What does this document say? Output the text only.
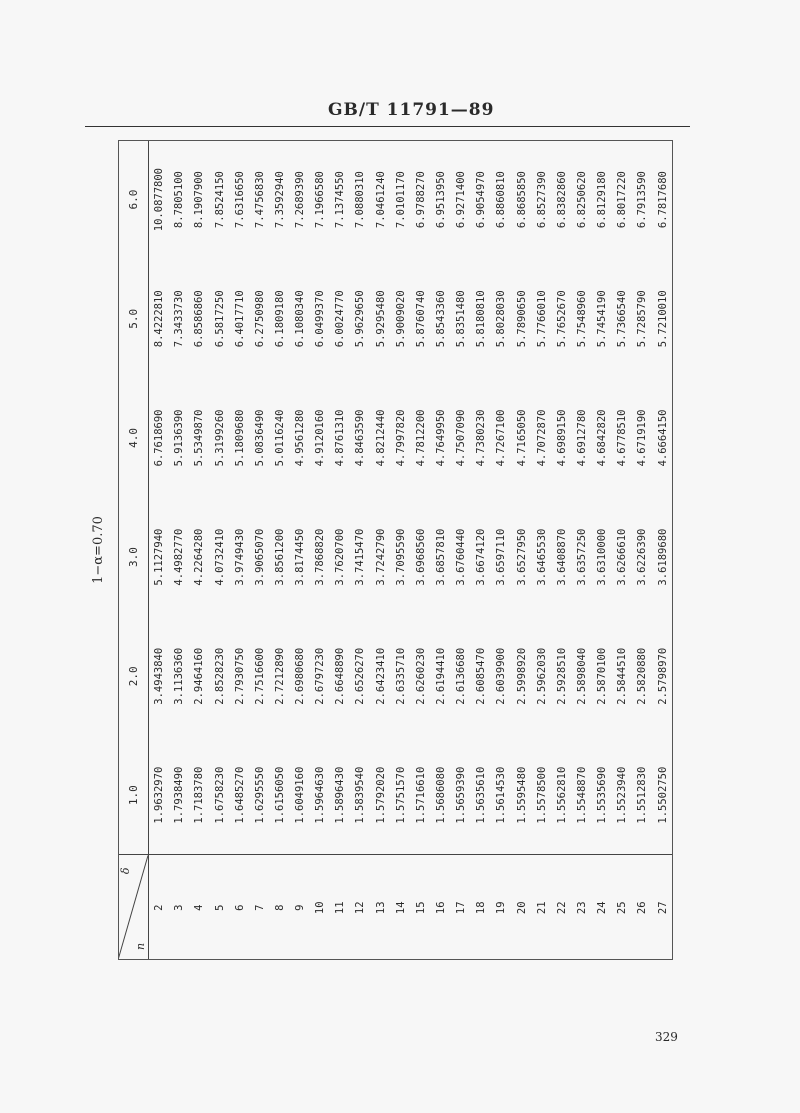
GB/T 11791—89
1−α=0.70
δ
n	1.0	2.0	3.0	4.0	5.0	6.0
2	1.9632970	3.4943840	5.1127940	6.7618690	8.4222810	10.0877800
3	1.7938490	3.1136360	4.4982770	5.9136390	7.3433730	8.7805100
4	1.7183780	2.9464160	4.2264280	5.5349870	6.8586860	8.1907900
5	1.6758230	2.8528230	4.0732410	5.3199260	6.5817250	7.8524150
6	1.6485270	2.7930750	3.9749430	5.1809680	6.4017710	7.6316650
7	1.6295550	2.7516600	3.9065070	5.0836490	6.2750980	7.4756830
8	1.6156050	2.7212890	3.8561200	5.0116240	6.1809180	7.3592940
9	1.6049160	2.6980680	3.8174450	4.9561280	6.1080340	7.2689390
10	1.5964630	2.6797230	3.7868820	4.9120160	6.0499370	7.1966580
11	1.5896430	2.6648890	3.7620700	4.8761310	6.0024770	7.1374550
12	1.5839540	2.6526270	3.7415470	4.8463590	5.9629650	7.0880310
13	1.5792020	2.6423410	3.7242790	4.8212440	5.9295480	7.0461240
14	1.5751570	2.6335710	3.7095590	4.7997820	5.9009020	7.0101170
15	1.5716610	2.6260230	3.6968560	4.7812200	5.8760740	6.9788270
16	1.5686080	2.6194410	3.6857810	4.7649950	5.8543360	6.9513950
17	1.5659390	2.6136680	3.6760440	4.7507090	5.8351480	6.9271400
18	1.5635610	2.6085470	3.6674120	4.7380230	5.8180810	6.9054970
19	1.5614530	2.6039900	3.6597110	4.7267100	5.8028030	6.8860810
20	1.5595480	2.5998920	3.6527950	4.7165050	5.7890650	6.8685850
21	1.5578500	2.5962030	3.6465530	4.7072870	5.7766010	6.8527390
22	1.5562810	2.5928510	3.6408870	4.6989150	5.7652670	6.8382860
23	1.5548870	2.5898040	3.6357250	4.6912780	5.7548960	6.8250620
24	1.5535690	2.5870100	3.6310000	4.6842820	5.7454190	6.8129180
25	1.5523940	2.5844510	3.6266610	4.6778510	5.7366540	6.8017220
26	1.5512830	2.5820880	3.6226390	4.6719190	5.7285790	6.7913590
27	1.5502750	2.5798970	3.6189680	4.6664150	5.7210010	6.7817680
329
